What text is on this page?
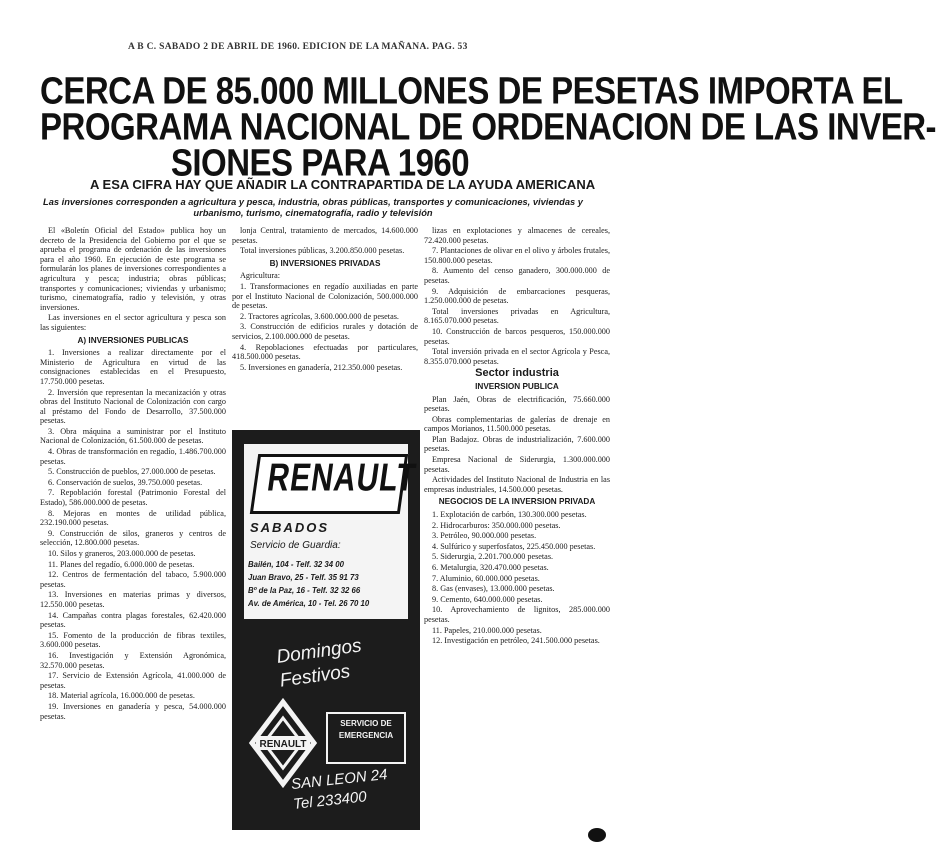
A B C. SABADO 2 DE ABRIL DE 1960. EDICION DE LA MAÑANA. PAG. 53
CERCA DE 85.000 MILLONES DE PESETAS IMPORTA EL
PROGRAMA NACIONAL DE ORDENACION DE LAS INVER-
SIONES PARA 1960
A ESA CIFRA HAY QUE AÑADIR LA CONTRAPARTIDA DE LA AYUDA AMERICANA
Las inversiones corresponden a agricultura y pesca, industria, obras públicas, transportes y comunicaciones, viviendas y urbanismo, turismo, cinematografía, radio y televisión

El «Boletín Oficial del Estado» publica hoy un decreto de la Presidencia del Gobierno por el que se aprueba el programa de ordenación de las inversiones para el año 1960. En ejecución de este programa se formularán los planes de inversiones correspondientes a agricultura y pesca; industria; obras públicas; transportes y comunicaciones; viviendas y urbanismo; turismo, cinematografía, radio y televisión, y otras inversiones.

Las inversiones en el sector agricultura y pesca son las siguientes:

A) INVERSIONES PUBLICAS

1. Inversiones a realizar directamente por el Ministerio de Agricultura en virtud de las consignaciones establecidas en el Presupuesto, 17.750.000 pesetas.

2. Inversión que representan la mecanización y otras obras del Instituto Nacional de Colonización con cargo al préstamo del Fondo de Desarrollo, 37.500.000 pesetas.

3. Obra máquina a suministrar por el Instituto Nacional de Colonización, 61.500.000 de pesetas.

4. Obras de transformación en regadío, 1.486.700.000 pesetas.

5. Construcción de pueblos, 27.000.000 de pesetas.

6. Conservación de suelos, 39.750.000 pesetas.

7. Repoblación forestal (Patrimonio Forestal del Estado), 586.000.000 de pesetas.

8. Mejoras en montes de utilidad pública, 232.190.000 pesetas.

9. Construcción de silos, graneros y centros de selección, 12.800.000 pesetas.

10. Silos y graneros, 203.000.000 de pesetas.

11. Planes del regadío, 6.000.000 de pesetas.

12. Centros de fermentación del tabaco, 5.900.000 pesetas.

13. Inversiones en materias primas y diversos, 12.550.000 pesetas.

14. Campañas contra plagas forestales, 62.420.000 pesetas.

15. Fomento de la producción de fibras textiles, 3.600.000 pesetas.

16. Investigación y Extensión Agronómica, 32.570.000 pesetas.

17. Servicio de Extensión Agrícola, 41.000.000 de pesetas.

18. Material agrícola, 16.000.000 de pesetas.

19. Inversiones en ganadería y pesca, 54.000.000 pesetas.

lonja Central, tratamiento de mercados, 14.600.000 pesetas.

Total inversiones públicas, 3.200.850.000 pesetas.

B) INVERSIONES PRIVADAS

Agricultura:

1. Transformaciones en regadío auxiliadas en parte por el Instituto Nacional de Colonización, 500.000.000 de pesetas.

2. Tractores agrícolas, 3.600.000.000 de pesetas.

3. Construcción de edificios rurales y dotación de servicios, 2.100.000.000 de pesetas.

4. Repoblaciones efectuadas por particulares, 418.500.000 pesetas.

5. Inversiones en ganadería, 212.350.000 pesetas.

lizas en explotaciones y almacenes de cereales, 72.420.000 pesetas.

7. Plantaciones de olivar en el olivo y árboles frutales, 150.800.000 pesetas.

8. Aumento del censo ganadero, 300.000.000 de pesetas.

9. Adquisición de embarcaciones pesqueras, 1.250.000.000 de pesetas.

Total inversiones privadas en Agricultura, 8.165.070.000 pesetas.

10. Construcción de barcos pesqueros, 150.000.000 pesetas.

Total inversión privada en el sector Agrícola y Pesca, 8.355.070.000 pesetas.

Sector industria

INVERSION PUBLICA

Plan Jaén, Obras de electrificación, 75.660.000 pesetas.

Obras complementarias de galerías de drenaje en campos Morianos, 11.500.000 pesetas.

Plan Badajoz. Obras de industrialización, 7.600.000 pesetas.

Empresa Nacional de Siderurgia, 1.300.000.000 pesetas.

Actividades del Instituto Nacional de Industria en las empresas industriales, 14.500.000 pesetas.

NEGOCIOS DE LA INVERSION PRIVADA

1. Explotación de carbón, 130.300.000 pesetas.

2. Hidrocarburos: 350.000.000 pesetas.

3. Petróleo, 90.000.000 pesetas.

4. Sulfúrico y superfosfatos, 225.450.000 pesetas.

5. Siderurgia, 2.201.700.000 pesetas.

6. Metalurgia, 320.470.000 pesetas.

7. Aluminio, 60.000.000 pesetas.

8. Gas (envases), 13.000.000 pesetas.

9. Cemento, 640.000.000 pesetas.

10. Aprovechamiento de lignitos, 285.000.000 pesetas.

11. Papeles, 210.000.000 pesetas.

12. Investigación en petróleo, 241.500.000 pesetas.

RENAULT
SABADOS
Servicio de Guardia:
Bailén, 104 - Telf. 32 34 00
Juan Bravo, 25 - Telf. 35 91 73
Bº de la Paz, 16 - Telf. 32 32 66
Av. de América, 10 - Tel. 26 70 10
Domingos
Festivos
RENAULT
SERVICIO DE
EMERGENCIA
SAN LEON 24
Tel 233400
